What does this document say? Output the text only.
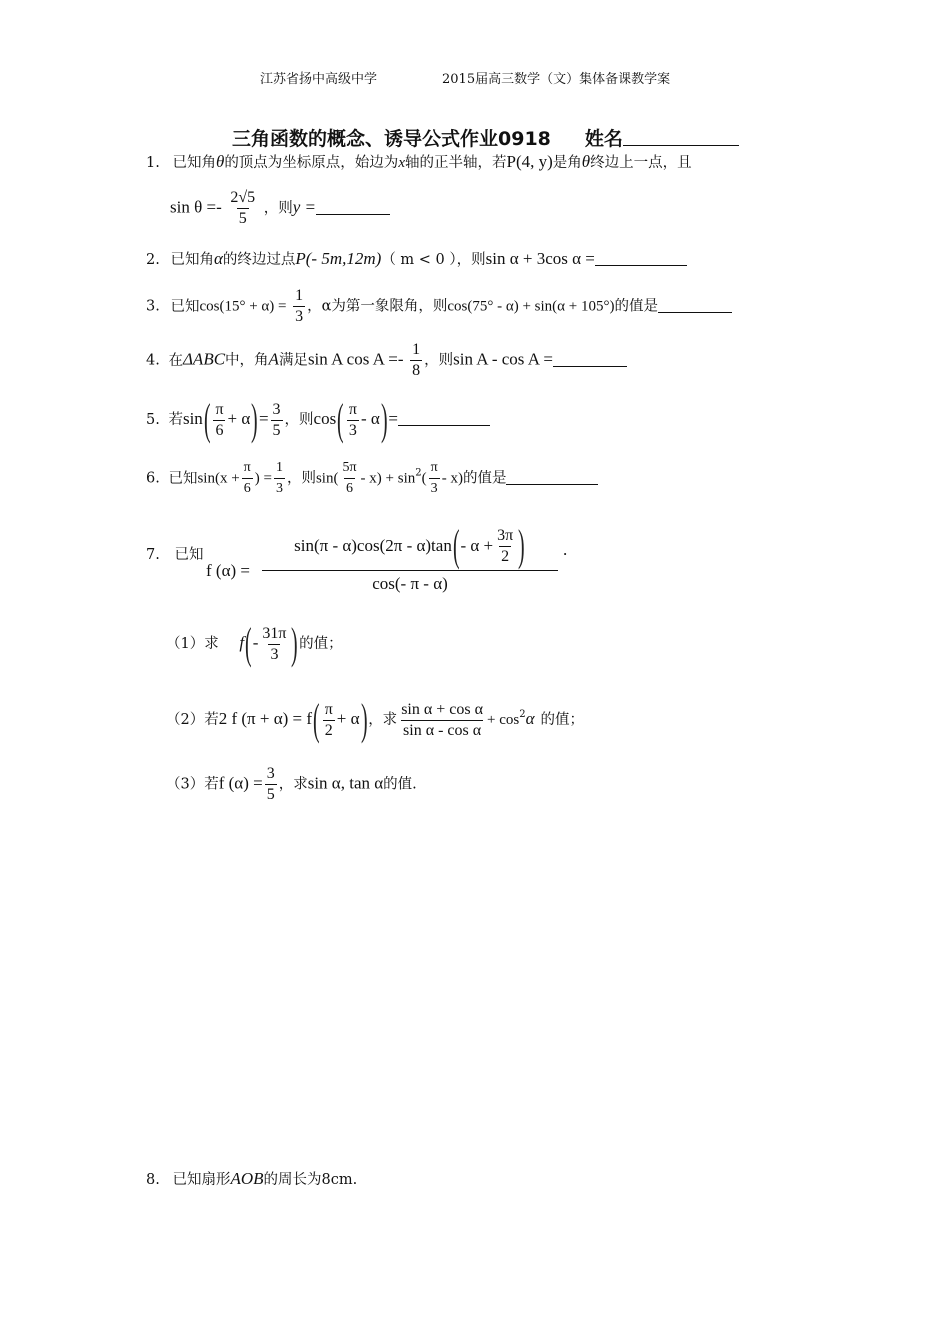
江苏省扬中高级中学	2015届高三数学（文）集体备课教学案
三角函数的概念、诱导公式作业0918 姓名
1. 已知角θ的顶点为坐标原点，始边为x轴的正半轴，若P(4, y)是角θ终边上一点，且
$\sin \theta =- \frac{2√5}{5}$ ，则y =
2. 已知角α的终边过点P(- 5m,12m)（ m < 0 ），则sin α + 3cos α =
3. 已知$\cos(15^\circ + \alpha) = \frac{1}{3}$ ，α为第一象限角，则cos(75° - α) + sin(α + 105°)的值是
4. 在ΔABC中，角A满足sin A $\cos A =- \frac{1}{8}$ ，则sin A - cos A =
5. 若$\sin( \frac{\pi}{6} + \alpha)= \frac{3}{5}$ ，则$\cos( \frac{\pi}{3} - \alpha)=$
6. 已知$\sin(x + \frac{\pi}{6}$ ) = $\frac{1}{3}$ ，则$\sin( \frac{5\pi}{6} - x) + \sin^2( \frac{\pi}{3} - x)$的值是
7. 已知
f $(\alpha) = \frac{\sin(\pi - \alpha)\cos(2\pi - \alpha)\tan ( - \alpha + \frac{3\pi}{2} )}{\cos(- \pi - \alpha)}$ .
（1）求 $f(- \frac{31\pi}{3}$ )的值；
（2）若2 f $(\pi + \alpha) = f( \frac{\pi}{2} + \alpha)$，求 $\frac{\text{sin α + cos α}}{\text{sin α - cos α}} + \cos^2\alpha$ 的值；
（3）若f $(\alpha) = \frac{3}{5}$ ，求sin α, tan α的值.
8. 已知扇形AOB的周长为8cm.
